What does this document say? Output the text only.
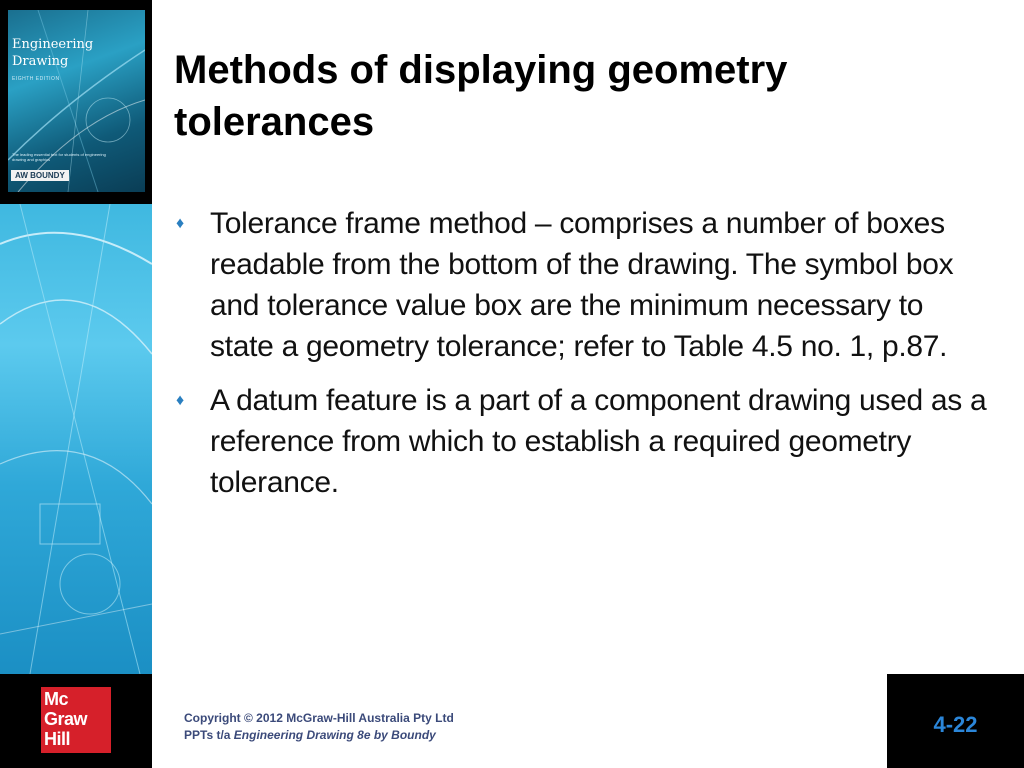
Engineering
Drawing
EIGHTH EDITION
The leading essential text for students of engineering drawing and graphics
AW BOUNDY
Methods of displaying geometry tolerances
♦ Tolerance frame method – comprises a number of boxes readable from the bottom of the drawing. The symbol box and tolerance value box are the minimum necessary to state a geometry tolerance; refer to Table 4.5 no. 1, p.87.
♦ A datum feature is a part of a component drawing used as a reference from which to establish a required geometry tolerance.
Mc
Graw
Hill
Copyright © 2012 McGraw-Hill Australia Pty Ltd
PPTs t/a Engineering Drawing 8e by Boundy	4-22
